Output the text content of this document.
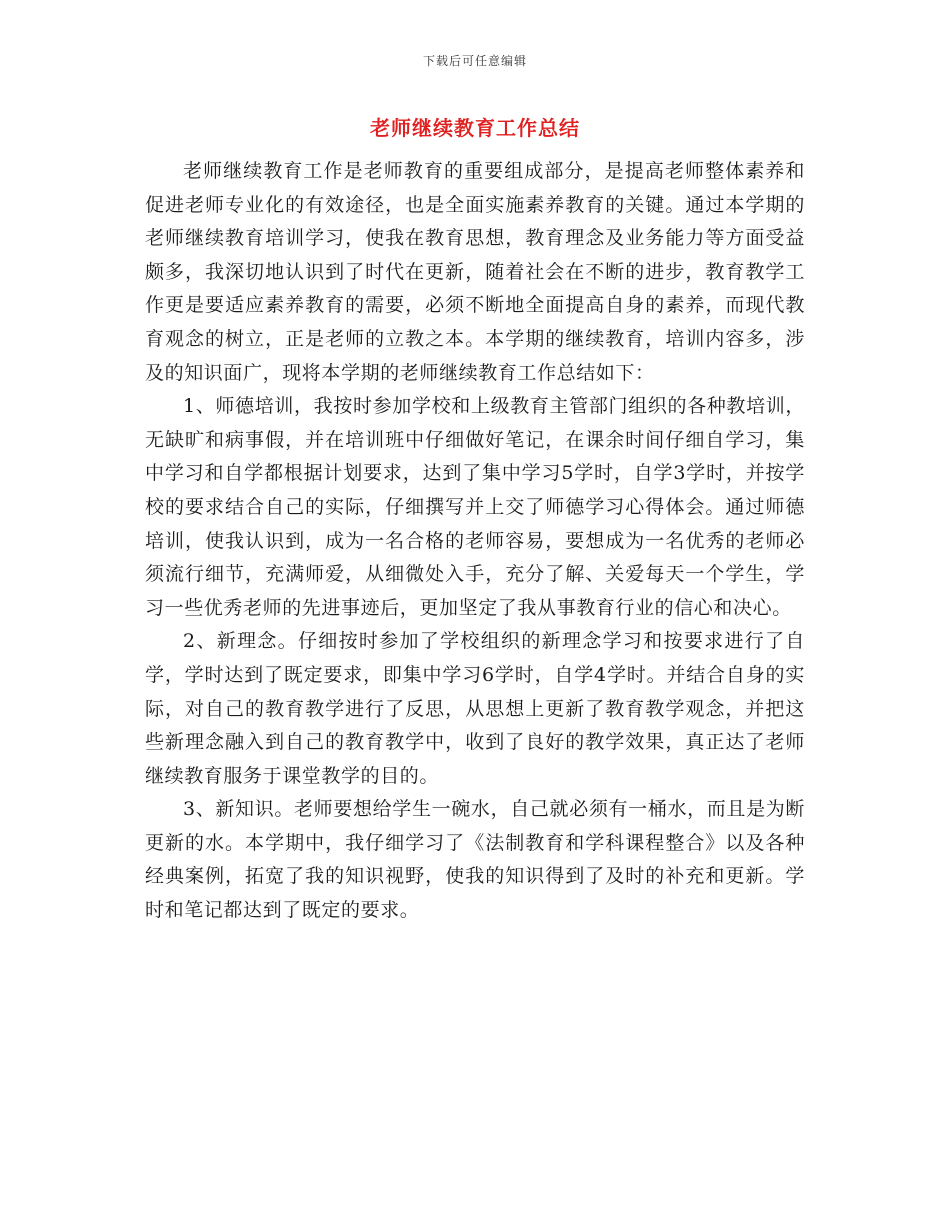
下载后可任意编辑
老师继续教育工作总结

老师继续教育工作是老师教育的重要组成部分，是提高老师整体素养和促进老师专业化的有效途径，也是全面实施素养教育的关键。通过本学期的老师继续教育培训学习，使我在教育思想，教育理念及业务能力等方面受益颇多，我深切地认识到了时代在更新，随着社会在不断的进步，教育教学工作更是要适应素养教育的需要，必须不断地全面提高自身的素养，而现代教育观念的树立，正是老师的立教之本。本学期的继续教育，培训内容多，涉及的知识面广，现将本学期的老师继续教育工作总结如下：

1、师德培训，我按时参加学校和上级教育主管部门组织的各种教培训，无缺旷和病事假，并在培训班中仔细做好笔记，在课余时间仔细自学习，集中学习和自学都根据计划要求，达到了集中学习5学时，自学3学时，并按学校的要求结合自己的实际，仔细撰写并上交了师德学习心得体会。通过师德培训，使我认识到，成为一名合格的老师容易，要想成为一名优秀的老师必须流行细节，充满师爱，从细微处入手，充分了解、关爱每天一个学生，学习一些优秀老师的先进事迹后，更加坚定了我从事教育行业的信心和决心。

2、新理念。仔细按时参加了学校组织的新理念学习和按要求进行了自学，学时达到了既定要求，即集中学习6学时，自学4学时。并结合自身的实际，对自己的教育教学进行了反思，从思想上更新了教育教学观念，并把这些新理念融入到自己的教育教学中，收到了良好的教学效果，真正达了老师继续教育服务于课堂教学的目的。

3、新知识。老师要想给学生一碗水，自己就必须有一桶水，而且是为断更新的水。本学期中，我仔细学习了《法制教育和学科课程整合》以及各种经典案例，拓宽了我的知识视野，使我的知识得到了及时的补充和更新。学时和笔记都达到了既定的要求。
